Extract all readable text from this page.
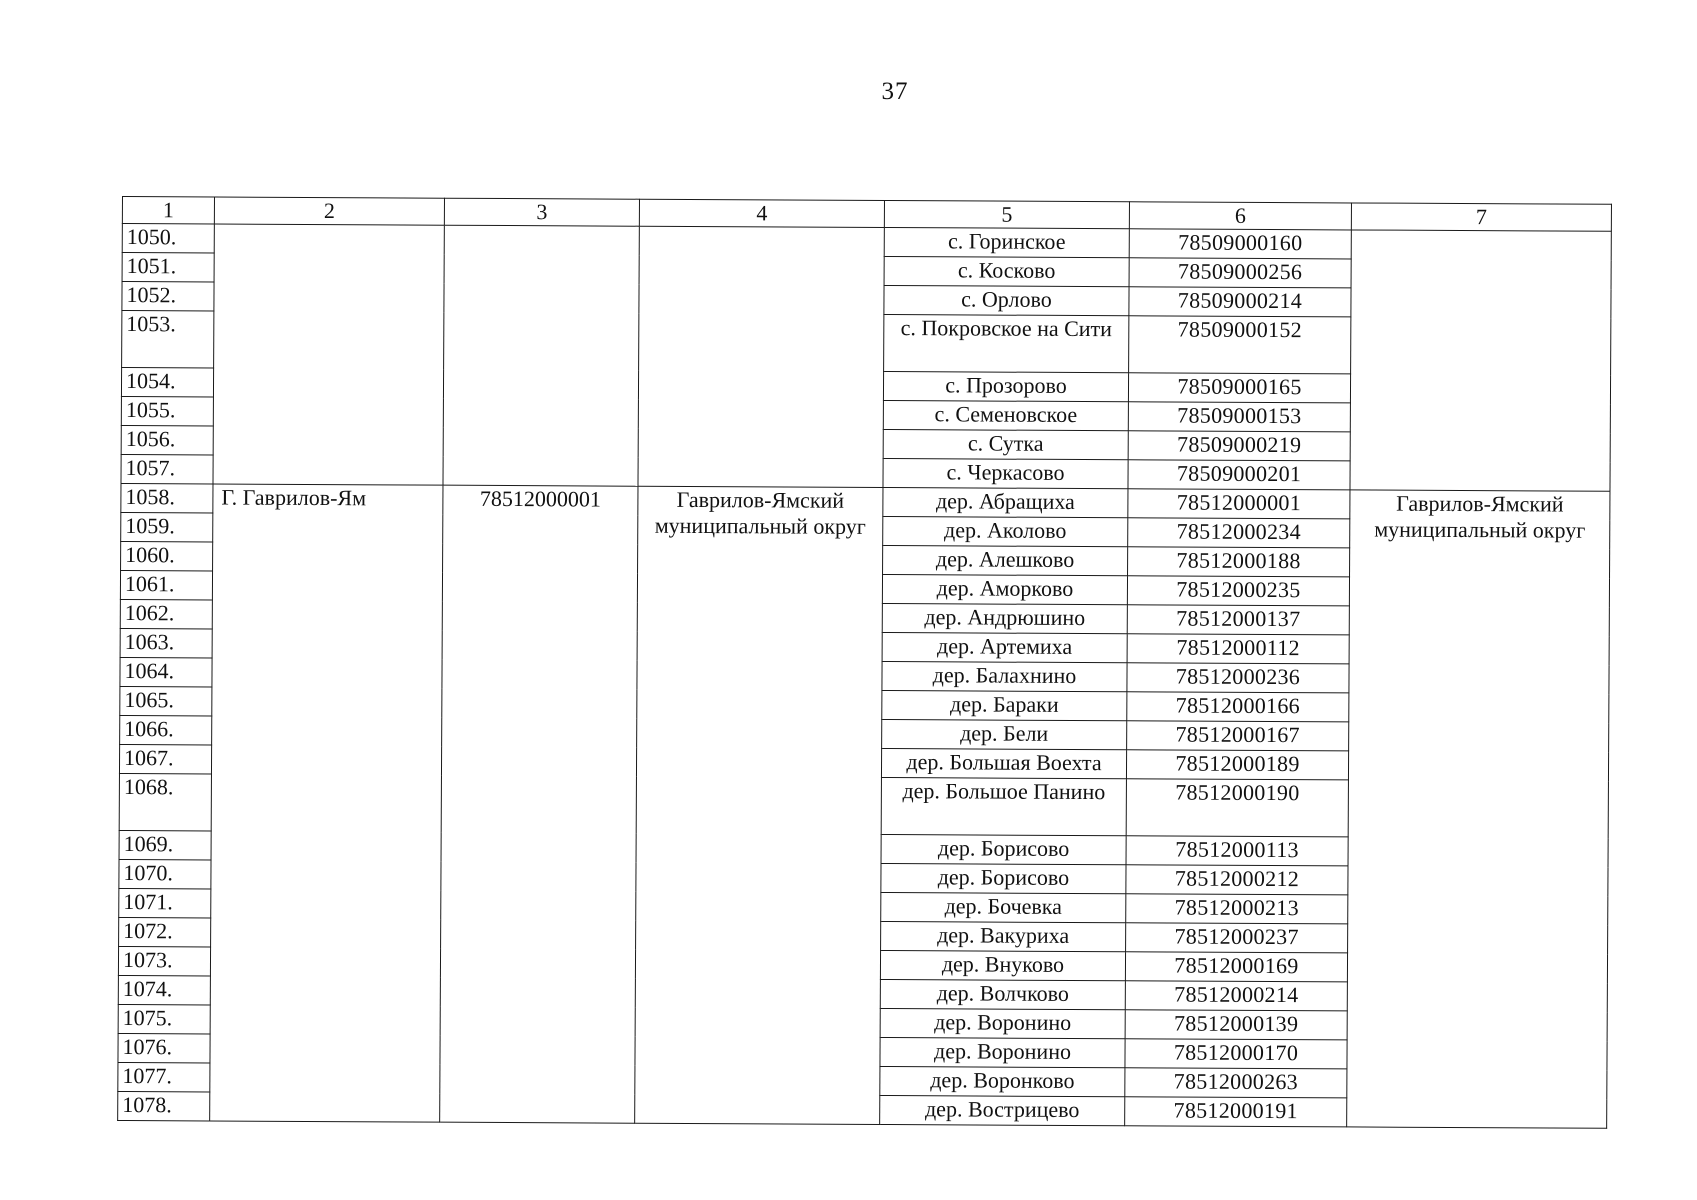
37
1	2	3	4	5	6	7
1050.				с. Горинское	78509000160	
1051.				с. Косково	78509000256	
1052.				с. Орлово	78509000214	
1053.				с. Покровское на Сити	78509000152	
1054.				с. Прозорово	78509000165	
1055.				с. Семеновское	78509000153	
1056.				с. Сутка	78509000219	
1057.				с. Черкасово	78509000201	
1058.	Г. Гаврилов-Ям	78512000001	Гаврилов-Ямский муниципальный округ	дер. Абращиха	78512000001	Гаврилов-Ямский муниципальный округ
1059.				дер. Аколово	78512000234	
1060.				дер. Алешково	78512000188	
1061.				дер. Аморково	78512000235	
1062.				дер. Андрюшино	78512000137	
1063.				дер. Артемиха	78512000112	
1064.				дер. Балахнино	78512000236	
1065.				дер. Бараки	78512000166	
1066.				дер. Бели	78512000167	
1067.				дер. Большая Воехта	78512000189	
1068.				дер. Большое Панино	78512000190	
1069.				дер. Борисово	78512000113	
1070.				дер. Борисово	78512000212	
1071.				дер. Бочевка	78512000213	
1072.				дер. Вакуриха	78512000237	
1073.				дер. Внуково	78512000169	
1074.				дер. Волчково	78512000214	
1075.				дер. Воронино	78512000139	
1076.				дер. Воронино	78512000170	
1077.				дер. Воронково	78512000263	
1078.				дер. Вострицево	78512000191	
